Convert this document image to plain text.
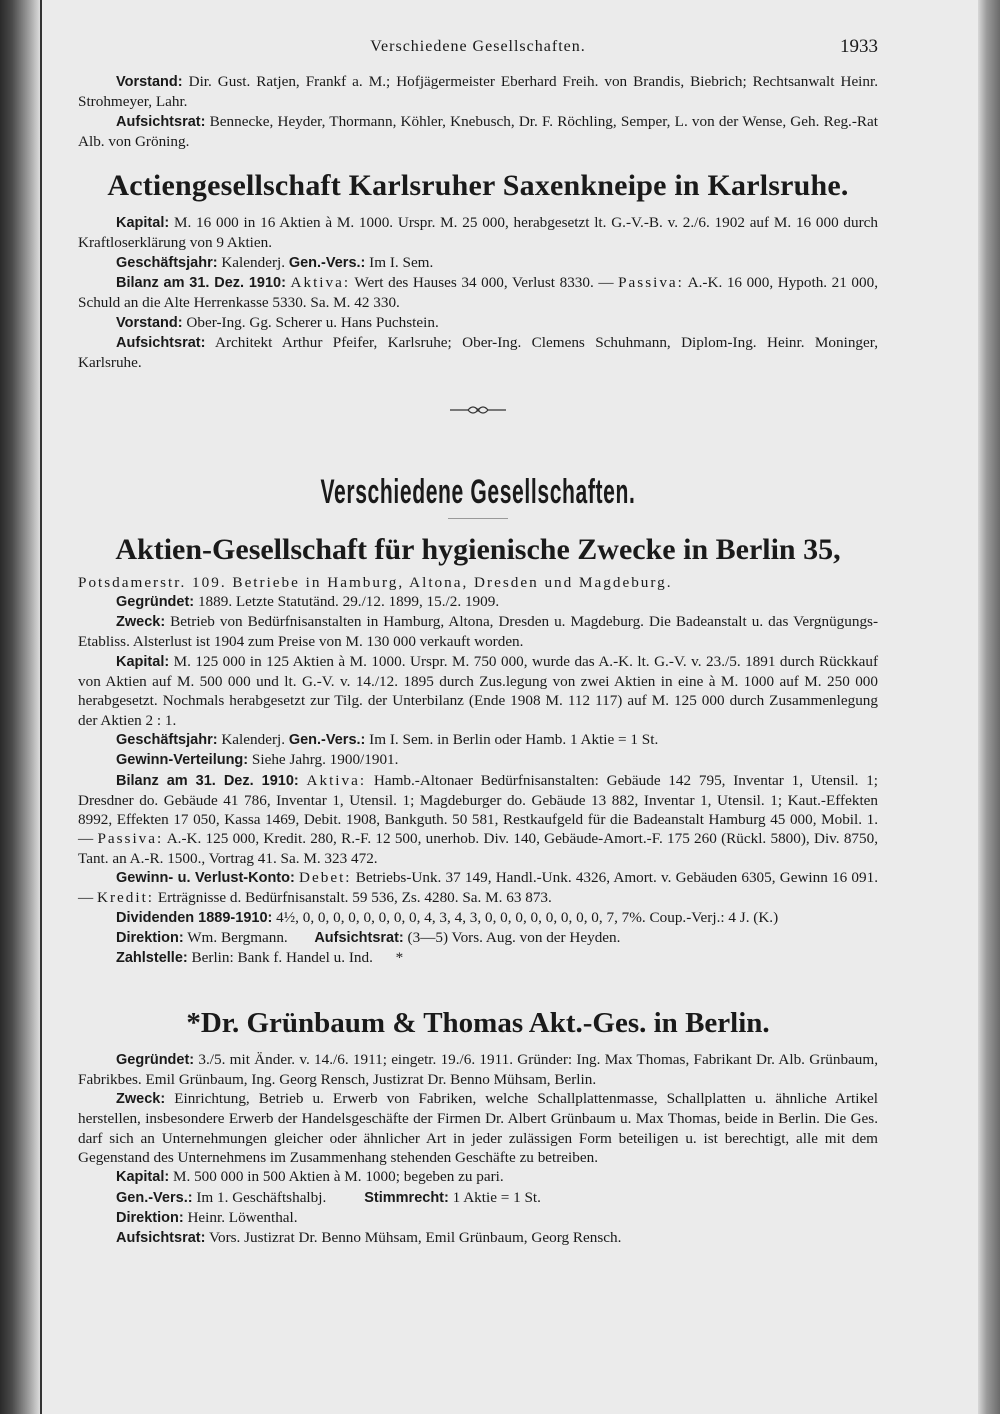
Verschiedene Gesellschaften.	1933

Vorstand: Dir. Gust. Ratjen, Frankf a. M.; Hofjägermeister Eberhard Freih. von Brandis, Biebrich; Rechtsanwalt Heinr. Strohmeyer, Lahr.

Aufsichtsrat: Bennecke, Heyder, Thormann, Köhler, Knebusch, Dr. F. Röchling, Semper, L. von der Wense, Geh. Reg.-Rat Alb. von Gröning.

Actiengesellschaft Karlsruher Saxenkneipe in Karlsruhe.

Kapital: M. 16 000 in 16 Aktien à M. 1000. Urspr. M. 25 000, herabgesetzt lt. G.-V.-B. v. 2./6. 1902 auf M. 16 000 durch Kraftloserklärung von 9 Aktien.

Geschäftsjahr: Kalenderj. Gen.-Vers.: Im I. Sem.

Bilanz am 31. Dez. 1910: Aktiva: Wert des Hauses 34 000, Verlust 8330. — Passiva: A.-K. 16 000, Hypoth. 21 000, Schuld an die Alte Herrenkasse 5330. Sa. M. 42 330.

Vorstand: Ober-Ing. Gg. Scherer u. Hans Puchstein.

Aufsichtsrat: Architekt Arthur Pfeifer, Karlsruhe; Ober-Ing. Clemens Schuhmann, Diplom-Ing. Heinr. Moninger, Karlsruhe.

Verschiedene Gesellschaften.
Aktien-Gesellschaft für hygienische Zwecke in Berlin 35,

Potsdamerstr. 109. Betriebe in Hamburg, Altona, Dresden und Magdeburg.

Gegründet: 1889. Letzte Statutänd. 29./12. 1899, 15./2. 1909.

Zweck: Betrieb von Bedürfnisanstalten in Hamburg, Altona, Dresden u. Magdeburg. Die Badeanstalt u. das Vergnügungs-Etabliss. Alsterlust ist 1904 zum Preise von M. 130 000 verkauft worden.

Kapital: M. 125 000 in 125 Aktien à M. 1000. Urspr. M. 750 000, wurde das A.-K. lt. G.-V. v. 23./5. 1891 durch Rückkauf von Aktien auf M. 500 000 und lt. G.-V. v. 14./12. 1895 durch Zus.legung von zwei Aktien in eine à M. 1000 auf M. 250 000 herabgesetzt. Nochmals herabgesetzt zur Tilg. der Unterbilanz (Ende 1908 M. 112 117) auf M. 125 000 durch Zusammenlegung der Aktien 2 : 1.

Geschäftsjahr: Kalenderj. Gen.-Vers.: Im I. Sem. in Berlin oder Hamb. 1 Aktie = 1 St.

Gewinn-Verteilung: Siehe Jahrg. 1900/1901.

Bilanz am 31. Dez. 1910: Aktiva: Hamb.-Altonaer Bedürfnisanstalten: Gebäude 142 795, Inventar 1, Utensil. 1; Dresdner do. Gebäude 41 786, Inventar 1, Utensil. 1; Magdeburger do. Gebäude 13 882, Inventar 1, Utensil. 1; Kaut.-Effekten 8992, Effekten 17 050, Kassa 1469, Debit. 1908, Bankguth. 50 581, Restkaufgeld für die Badeanstalt Hamburg 45 000, Mobil. 1. — Passiva: A.-K. 125 000, Kredit. 280, R.-F. 12 500, unerhob. Div. 140, Gebäude-Amort.-F. 175 260 (Rückl. 5800), Div. 8750, Tant. an A.-R. 1500., Vortrag 41. Sa. M. 323 472.

Gewinn- u. Verlust-Konto: Debet: Betriebs-Unk. 37 149, Handl.-Unk. 4326, Amort. v. Gebäuden 6305, Gewinn 16 091. — Kredit: Erträgnisse d. Bedürfnisanstalt. 59 536, Zs. 4280. Sa. M. 63 873.

Dividenden 1889-1910: 4½, 0, 0, 0, 0, 0, 0, 0, 0, 4, 3, 4, 3, 0, 0, 0, 0, 0, 0, 0, 0, 7, 7%. Coup.-Verj.: 4 J. (K.)

Direktion: Wm. Bergmann. Aufsichtsrat: (3—5) Vors. Aug. von der Heyden.

Zahlstelle: Berlin: Bank f. Handel u. Ind. *

*Dr. Grünbaum & Thomas Akt.-Ges. in Berlin.

Gegründet: 3./5. mit Änder. v. 14./6. 1911; eingetr. 19./6. 1911. Gründer: Ing. Max Thomas, Fabrikant Dr. Alb. Grünbaum, Fabrikbes. Emil Grünbaum, Ing. Georg Rensch, Justizrat Dr. Benno Mühsam, Berlin.

Zweck: Einrichtung, Betrieb u. Erwerb von Fabriken, welche Schallplattenmasse, Schallplatten u. ähnliche Artikel herstellen, insbesondere Erwerb der Handelsgeschäfte der Firmen Dr. Albert Grünbaum u. Max Thomas, beide in Berlin. Die Ges. darf sich an Unternehmungen gleicher oder ähnlicher Art in jeder zulässigen Form beteiligen u. ist berechtigt, alle mit dem Gegenstand des Unternehmens im Zusammenhang stehenden Geschäfte zu betreiben.

Kapital: M. 500 000 in 500 Aktien à M. 1000; begeben zu pari.

Gen.-Vers.: Im 1. Geschäftshalbj.	Stimmrecht: 1 Aktie = 1 St.

Direktion: Heinr. Löwenthal.

Aufsichtsrat: Vors. Justizrat Dr. Benno Mühsam, Emil Grünbaum, Georg Rensch.
